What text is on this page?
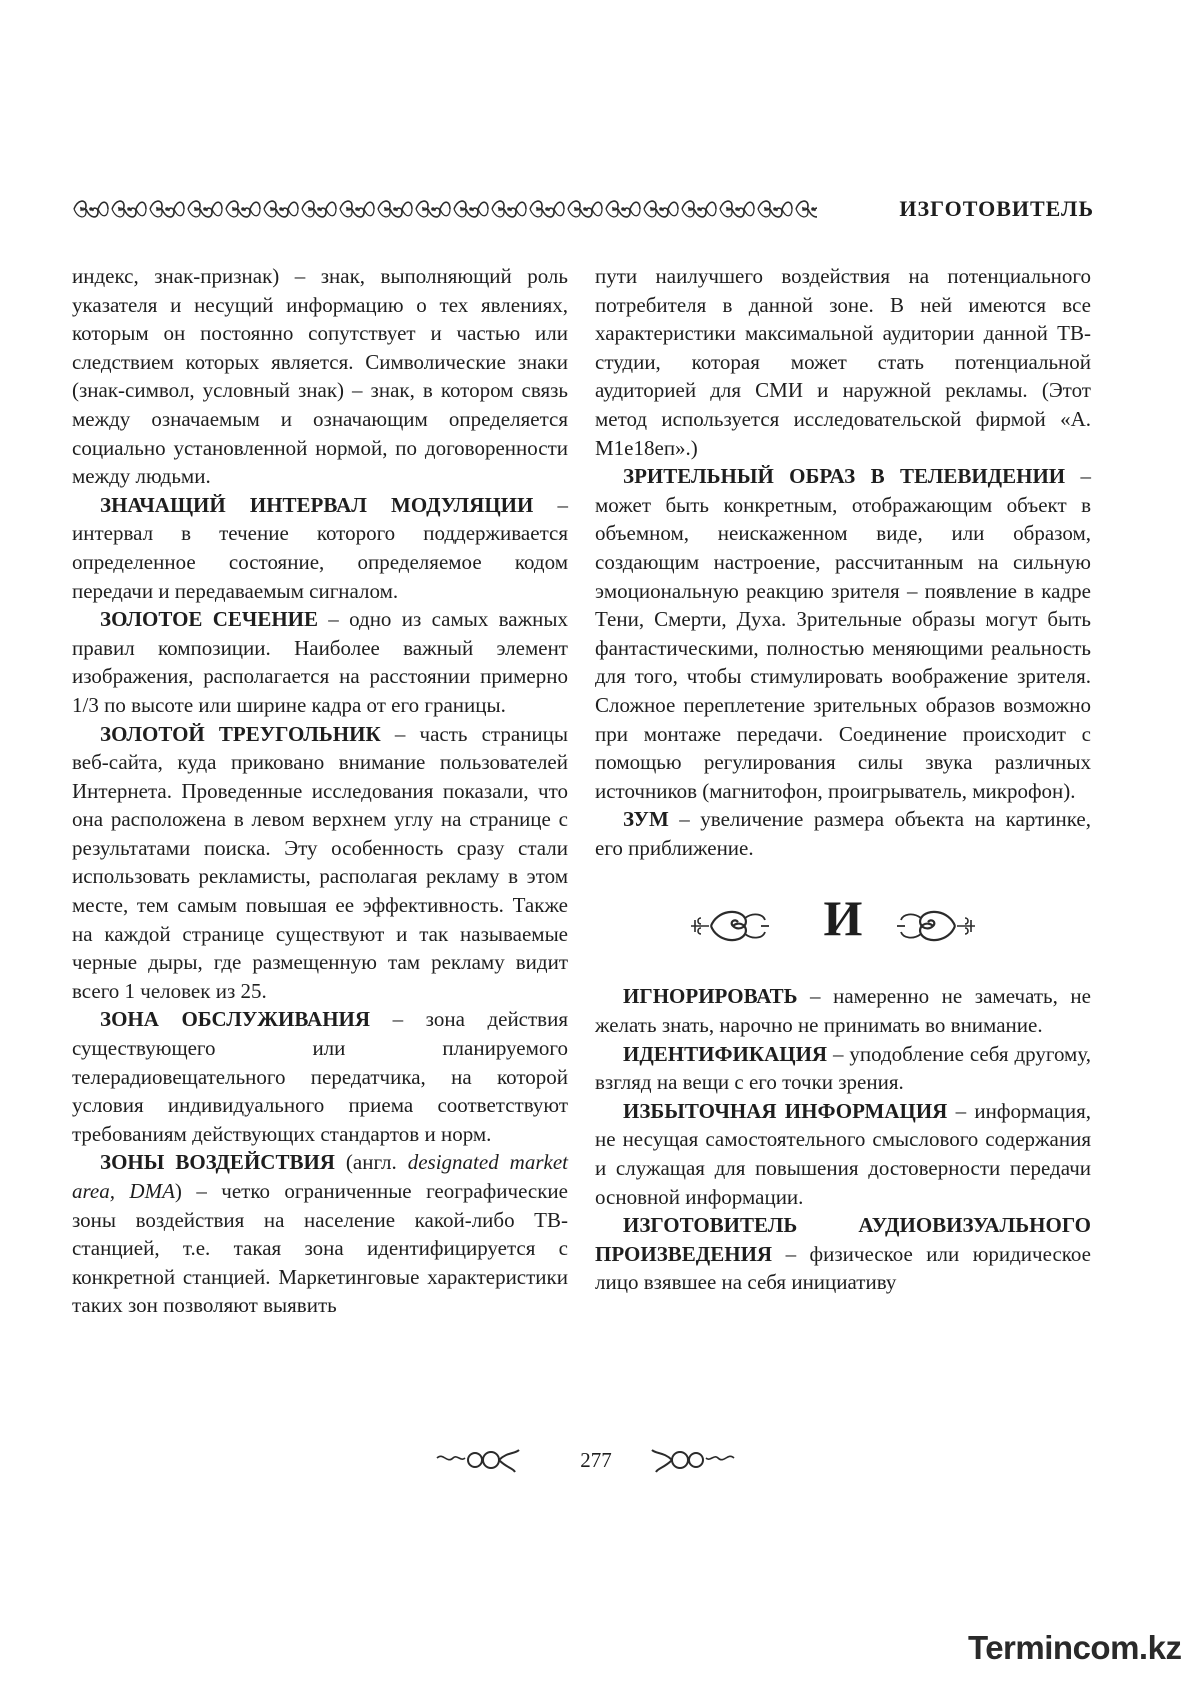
ИЗГОТОВИТЕЛЬ

индекс, знак-признак) – знак, выполняющий роль указателя и несущий информацию о тех явлениях, которым он постоянно сопутствует и частью или следствием которых является. Символические знаки (знак-символ, условный знак) – знак, в котором связь между означаемым и означающим определяется социально установленной нормой, по договоренности между людьми.

ЗНАЧАЩИЙ ИНТЕРВАЛ МОДУЛЯЦИИ – интервал в течение которого поддерживается определенное состояние, определяемое кодом передачи и передаваемым сигналом.

ЗОЛОТОЕ СЕЧЕНИЕ – одно из самых важных правил композиции. Наиболее важный элемент изображения, располагается на расстоянии примерно 1/3 по высоте или ширине кадра от его границы.

ЗОЛОТОЙ ТРЕУГОЛЬНИК – часть страницы веб-сайта, куда приковано внимание пользователей Интернета. Проведенные исследования показали, что она расположена в левом верхнем углу на странице с результатами поиска. Эту особенность сразу стали использовать рекламисты, располагая рекламу в этом месте, тем самым повышая ее эффективность. Также на каждой странице существуют и так называемые черные дыры, где размещенную там рекламу видит всего 1 человек из 25.

ЗОНА ОБСЛУЖИВАНИЯ – зона действия существующего или планируемого телерадиовещательного передатчика, на которой условия индивидуального приема соответствуют требованиям действующих стандартов и норм.

ЗОНЫ ВОЗДЕЙСТВИЯ (англ. designated market area, DMA) – четко ограниченные географические зоны воздействия на население какой-либо ТВ-станцией, т.е. такая зона идентифицируется с конкретной станцией. Маркетинговые характеристики таких зон позволяют выявить

пути наилучшего воздействия на потенциального потребителя в данной зоне. В ней имеются все характеристики максимальной аудитории данной ТВ-студии, которая может стать потенциальной аудиторией для СМИ и наружной рекламы. (Этот метод используется исследовательской фирмой «А. М1е18еп».)

ЗРИТЕЛЬНЫЙ ОБРАЗ В ТЕЛЕВИДЕНИИ – может быть конкретным, отображающим объект в объемном, неискаженном виде, или образом, создающим настроение, рассчитанным на сильную эмоциональную реакцию зрителя – появление в кадре Тени, Смерти, Духа. Зрительные образы могут быть фантастическими, полностью меняющими реальность для того, чтобы стимулировать воображение зрителя. Сложное переплетение зрительных образов возможно при монтаже передачи. Соединение происходит с помощью регулирования силы звука различных источников (магнитофон, проигрыватель, микрофон).

ЗУМ – увеличение размера объекта на картинке, его приближение.

И

ИГНОРИРОВАТЬ – намеренно не замечать, не желать знать, нарочно не принимать во внимание.

ИДЕНТИФИКАЦИЯ – уподобление себя другому, взгляд на вещи с его точки зрения.

ИЗБЫТОЧНАЯ ИНФОРМАЦИЯ – информация, не несущая самостоятельного смыслового содержания и служащая для повышения достоверности передачи основной информации.

ИЗГОТОВИТЕЛЬ АУДИОВИЗУАЛЬНОГО ПРОИЗВЕДЕНИЯ – физическое или юридическое лицо взявшее на себя инициативу

277
Termincom.kz
